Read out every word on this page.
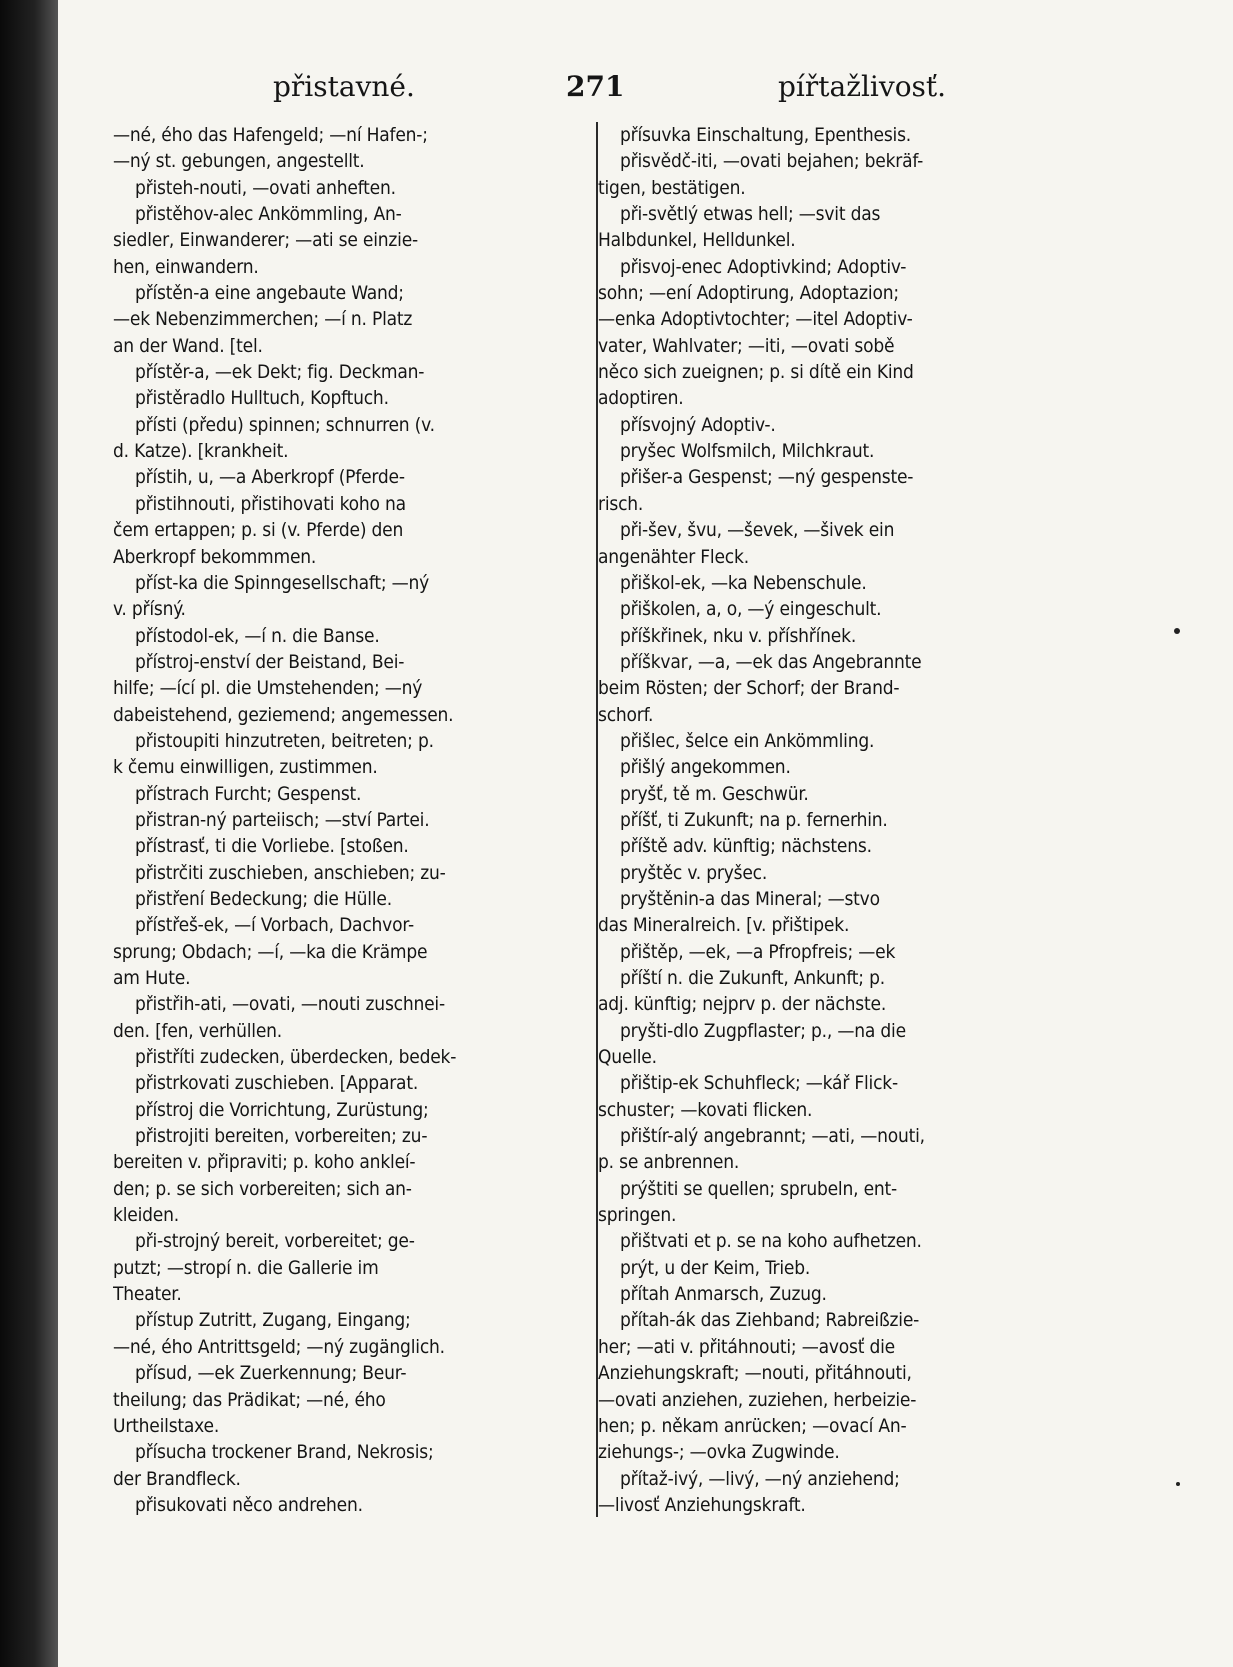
přistavné.	271	pířtažlivosť.
—né, ého das Hafengeld; —ní Hafen-;
—ný st. gebungen, angestellt.
přisteh-nouti, —ovati anheften.
přistěhov-alec Ankömmling, An-
siedler, Einwanderer; —ati se einzie-
hen, einwandern.
přístěn-a eine angebaute Wand;
—ek Nebenzimmerchen; —í n. Platz
an der Wand. [tel.
přístěr-a, —ek Dekt; fig. Deckman-
přistěradlo Hulltuch, Kopftuch.
přísti (předu) spinnen; schnurren (v.
d. Katze). [krankheit.
přístih, u, —a Aberkropf (Pferde-
přistihnouti, přistihovati koho na
čem ertappen; p. si (v. Pferde) den
Aberkropf bekommmen.
příst-ka die Spinngesellschaft; —ný
v. přísný.
přístodol-ek, —í n. die Banse.
přístroj-enství der Beistand, Bei-
hilfe; —ící pl. die Umstehenden; —ný
dabeistehend, geziemend; angemessen.
přistoupiti hinzutreten, beitreten; p.
k čemu einwilligen, zustimmen.
přístrach Furcht; Gespenst.
přistran-ný parteiisch; —ství Partei.
přístrasť, ti die Vorliebe. [stoßen.
přistrčiti zuschieben, anschieben; zu-
přistření Bedeckung; die Hülle.
přístřeš-ek, —í Vorbach, Dachvor-
sprung; Obdach; —í, —ka die Krämpe
am Hute.
přistřih-ati, —ovati, —nouti zuschnei-
den. [fen, verhüllen.
přistříti zudecken, überdecken, bedek-
přistrkovati zuschieben. [Apparat.
přístroj die Vorrichtung, Zurüstung;
přistrojiti bereiten, vorbereiten; zu-
bereiten v. připraviti; p. koho ankleí-
den; p. se sich vorbereiten; sich an-
kleiden.
při-strojný bereit, vorbereitet; ge-
putzt; —stropí n. die Gallerie im
Theater.
přístup Zutritt, Zugang, Eingang;
—né, ého Antrittsgeld; —ný zugänglich.
přísud, —ek Zuerkennung; Beur-
theilung; das Prädikat; —né, ého
Urtheilstaxe.
přísucha trockener Brand, Nekrosis;
der Brandfleck.
přisukovati něco andrehen.
přísuvka Einschaltung, Epenthesis.
přisvědč-iti, —ovati bejahen; bekräf-
tigen, bestätigen.
při-světlý etwas hell; —svit das
Halbdunkel, Helldunkel.
přisvoj-enec Adoptivkind; Adoptiv-
sohn; —ení Adoptirung, Adoptazion;
—enka Adoptivtochter; —itel Adoptiv-
vater, Wahlvater; —iti, —ovati sobě
něco sich zueignen; p. si dítě ein Kind
adoptiren.
přísvojný Adoptiv-.
pryšec Wolfsmilch, Milchkraut.
přišer-a Gespenst; —ný gespenste-
risch.
při-šev, švu, —ševek, —šivek ein
angenähter Fleck.
přiškol-ek, —ka Nebenschule.
přiškolen, a, o, —ý eingeschult.
příškřinek, nku v. příshřínek.
příškvar, —a, —ek das Angebrannte
beim Rösten; der Schorf; der Brand-
schorf.
přišlec, šelce ein Ankömmling.
přišlý angekommen.
pryšť, tě m. Geschwür.
příšť, ti Zukunft; na p. fernerhin.
příště adv. künftig; nächstens.
pryštěc v. pryšec.
pryštěnin-a das Mineral; —stvo
das Mineralreich. [v. přištipek.
přištěp, —ek, —a Pfropfreis; —ek
příští n. die Zukunft, Ankunft; p.
adj. künftig; nejprv p. der nächste.
pryšti-dlo Zugpflaster; p., —na die
Quelle.
přištip-ek Schuhfleck; —kář Flick-
schuster; —kovati flicken.
přištír-alý angebrannt; —ati, —nouti,
p. se anbrennen.
prýštiti se quellen; sprubeln, ent-
springen.
přištvati et p. se na koho aufhetzen.
prýt, u der Keim, Trieb.
přítah Anmarsch, Zuzug.
přítah-ák das Ziehband; Rabreißzie-
her; —ati v. přitáhnouti; —avosť die
Anziehungskraft; —nouti, přitáhnouti,
—ovati anziehen, zuziehen, herbeizie-
hen; p. někam anrücken; —ovací An-
ziehungs-; —ovka Zugwinde.
přítaž-ivý, —livý, —ný anziehend;
—livosť Anziehungskraft.
